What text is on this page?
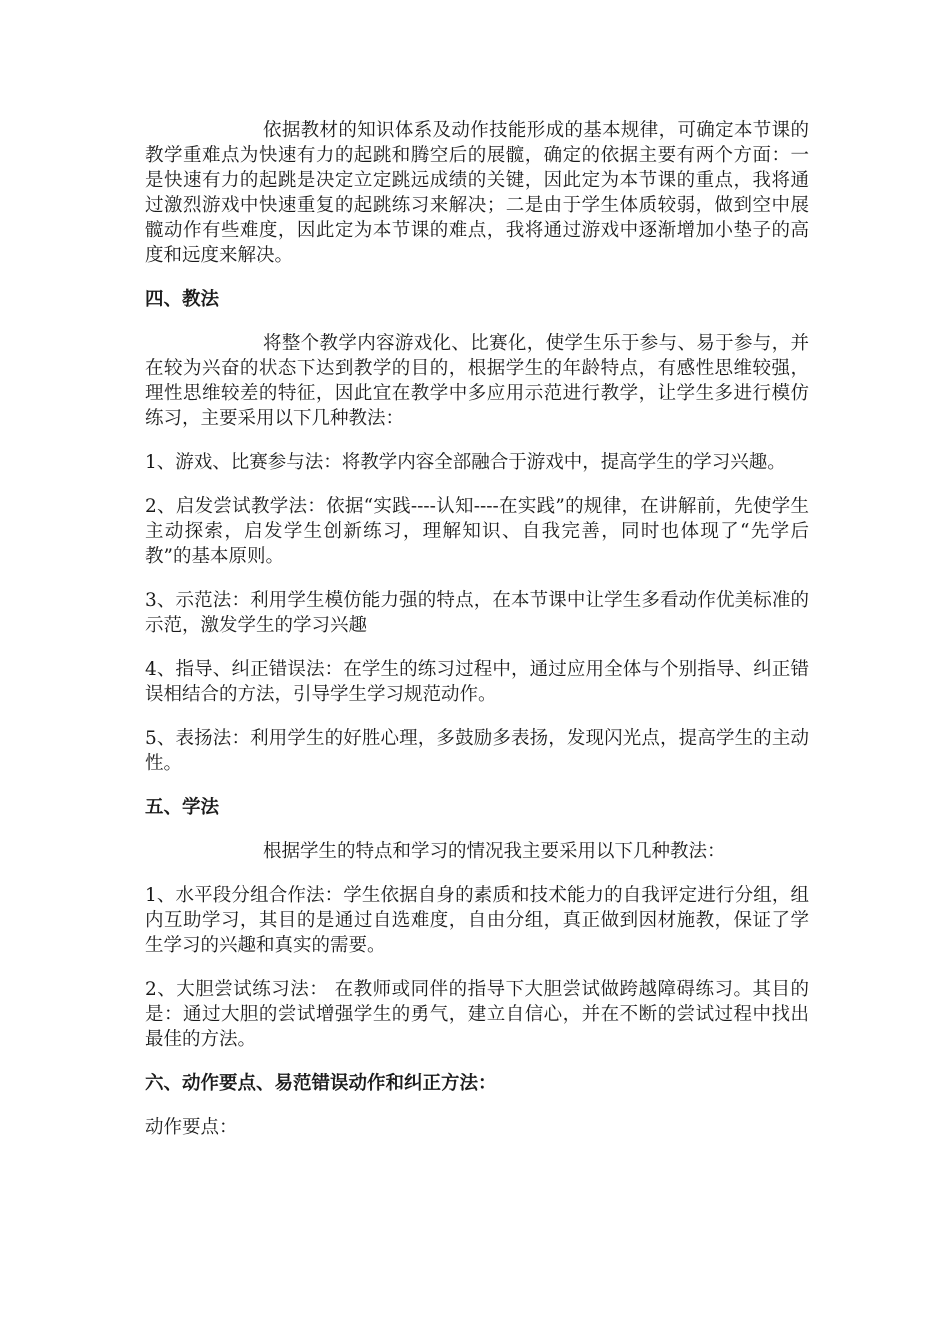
依据教材的知识体系及动作技能形成的基本规律，可确定本节课的教学重难点为快速有力的起跳和腾空后的展髋，确定的依据主要有两个方面：一是快速有力的起跳是决定立定跳远成绩的关键，因此定为本节课的重点，我将通过激烈游戏中快速重复的起跳练习来解决；二是由于学生体质较弱，做到空中展髋动作有些难度，因此定为本节课的难点，我将通过游戏中逐渐增加小垫子的高度和远度来解决。

四、教法

将整个教学内容游戏化、比赛化，使学生乐于参与、易于参与，并在较为兴奋的状态下达到教学的目的，根据学生的年龄特点，有感性思维较强，理性思维较差的特征，因此宜在教学中多应用示范进行教学，让学生多进行模仿练习，主要采用以下几种教法：

1、游戏、比赛参与法：将教学内容全部融合于游戏中，提高学生的学习兴趣。

2、启发尝试教学法：依据“实践----认知----在实践”的规律，在讲解前，先使学生主动探索，启发学生创新练习，理解知识、自我完善，同时也体现了“先学后教”的基本原则。

3、示范法：利用学生模仿能力强的特点，在本节课中让学生多看动作优美标准的示范，激发学生的学习兴趣

4、指导、纠正错误法：在学生的练习过程中，通过应用全体与个别指导、纠正错误相结合的方法，引导学生学习规范动作。

5、表扬法：利用学生的好胜心理，多鼓励多表扬，发现闪光点，提高学生的主动性。

五、学法

根据学生的特点和学习的情况我主要采用以下几种教法：

1、水平段分组合作法：学生依据自身的素质和技术能力的自我评定进行分组，组内互助学习，其目的是通过自选难度，自由分组，真正做到因材施教，保证了学生学习的兴趣和真实的需要。

2、大胆尝试练习法： 在教师或同伴的指导下大胆尝试做跨越障碍练习。其目的是：通过大胆的尝试增强学生的勇气，建立自信心，并在不断的尝试过程中找出最佳的方法。

六、动作要点、易范错误动作和纠正方法：

动作要点：
